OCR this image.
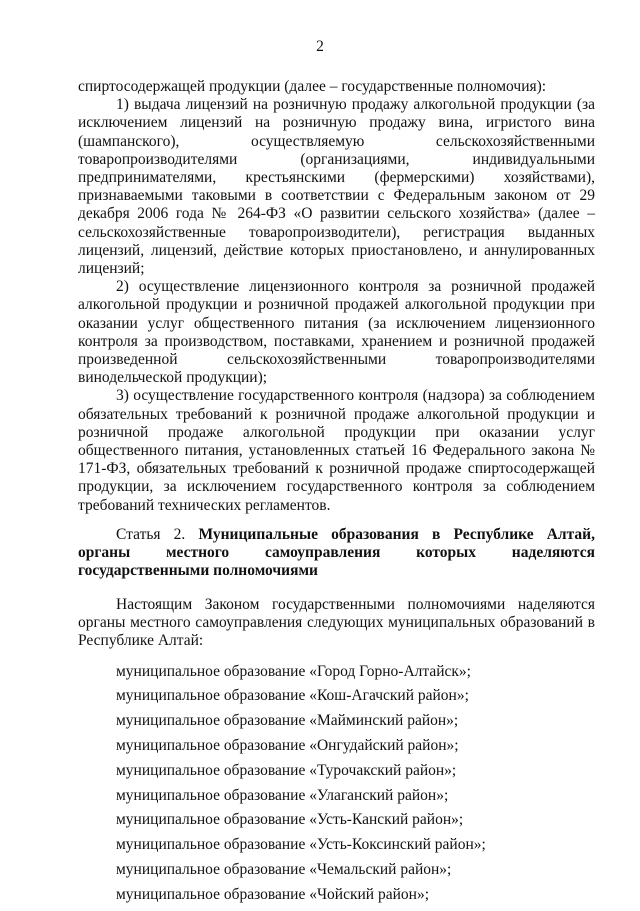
2

спиртосодержащей продукции (далее – государственные полномочия):

1) выдача лицензий на розничную продажу алкогольной продукции (за исключением лицензий на розничную продажу вина, игристого вина (шампанского), осуществляемую сельскохозяйственными товаропроизводителями (организациями, индивидуальными предпринимателями, крестьянскими (фермерскими) хозяйствами), признаваемыми таковыми в соответствии с Федеральным законом от 29 декабря 2006 года № 264-ФЗ «О развитии сельского хозяйства» (далее – сельскохозяйственные товаропроизводители), регистрация выданных лицензий, лицензий, действие которых приостановлено, и аннулированных лицензий;

2) осуществление лицензионного контроля за розничной продажей алкогольной продукции и розничной продажей алкогольной продукции при оказании услуг общественного питания (за исключением лицензионного контроля за производством, поставками, хранением и розничной продажей произведенной сельскохозяйственными товаропроизводителями винодельческой продукции);

3) осуществление государственного контроля (надзора) за соблюдением обязательных требований к розничной продаже алкогольной продукции и розничной продаже алкогольной продукции при оказании услуг общественного питания, установленных статьей 16 Федерального закона № 171-ФЗ, обязательных требований к розничной продаже спиртосодержащей продукции, за исключением государственного контроля за соблюдением требований технических регламентов.

Статья 2. Муниципальные образования в Республике Алтай, органы местного самоуправления которых наделяются государственными полномочиями

Настоящим Законом государственными полномочиями наделяются органы местного самоуправления следующих муниципальных образований в Республике Алтай:

муниципальное образование «Город Горно-Алтайск»;
муниципальное образование «Кош-Агачский район»;
муниципальное образование «Майминский район»;
муниципальное образование «Онгудайский район»;
муниципальное образование «Турочакский район»;
муниципальное образование «Улаганский район»;
муниципальное образование «Усть-Канский район»;
муниципальное образование «Усть-Коксинский район»;
муниципальное образование «Чемальский район»;
муниципальное образование «Чойский район»;
